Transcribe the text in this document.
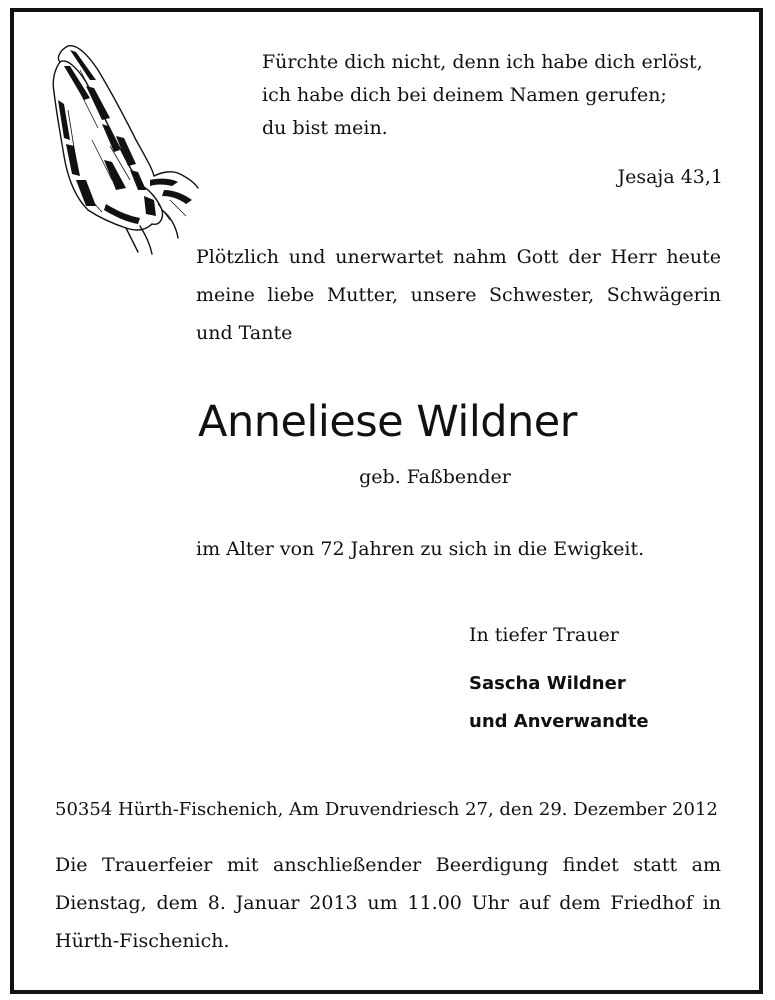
Fürchte dich nicht, denn ich habe dich erlöst,
ich habe dich bei deinem Namen gerufen;
du bist mein.
Jesaja 43,1
Plötzlich und unerwartet nahm Gott der Herr heute
meine liebe Mutter, unsere Schwester, Schwägerin
und Tante
Anneliese Wildner
geb. Faßbender
im Alter von 72 Jahren zu sich in die Ewigkeit.
In tiefer Trauer
Sascha Wildner
und Anverwandte
50354 Hürth-Fischenich, Am Druvendriesch 27, den 29. Dezember 2012
Die Trauerfeier mit anschließender Beerdigung findet statt am
Dienstag, dem 8. Januar 2013 um 11.00 Uhr auf dem Friedhof in
Hürth-Fischenich.
